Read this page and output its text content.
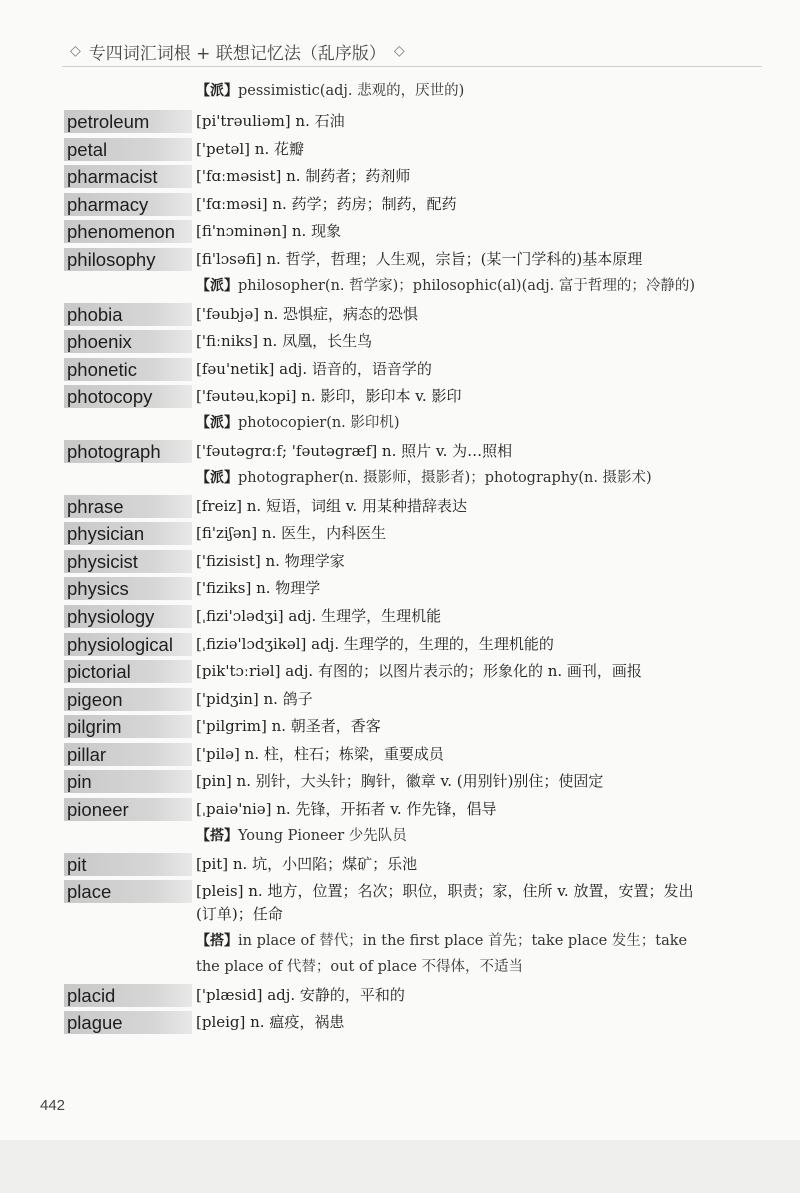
◇ 专四词汇词根 + 联想记忆法（乱序版） ◇
【派】pessimistic(adj. 悲观的，厌世的)
petroleum	[pi'trəuliəm] n. 石油
petal	['petəl] n. 花瓣
pharmacist	['fɑːməsist] n. 制药者；药剂师
pharmacy	['fɑːməsi] n. 药学；药房；制药，配药
phenomenon	[fi'nɔminən] n. 现象
philosophy	[fi'lɔsəfi] n. 哲学，哲理；人生观，宗旨；(某一门学科的)基本原理
【派】philosopher(n. 哲学家)；philosophic(al)(adj. 富于哲理的；冷静的)
phobia	['fəubjə] n. 恐惧症，病态的恐惧
phoenix	['fiːniks] n. 凤凰，长生鸟
phonetic	[fəu'netik] adj. 语音的，语音学的
photocopy	['fəutəuˌkɔpi] n. 影印，影印本 v. 影印
【派】photocopier(n. 影印机)
photograph	['fəutəgrɑːf; 'fəutəgræf] n. 照片 v. 为…照相
【派】photographer(n. 摄影师，摄影者)；photography(n. 摄影术)
phrase	[freiz] n. 短语，词组 v. 用某种措辞表达
physician	[fi'ziʃən] n. 医生，内科医生
physicist	['fizisist] n. 物理学家
physics	['fiziks] n. 物理学
physiology	[ˌfizi'ɔlədʒi] adj. 生理学，生理机能
physiological	[ˌfiziə'lɔdʒikəl] adj. 生理学的，生理的，生理机能的
pictorial	[pik'tɔːriəl] adj. 有图的；以图片表示的；形象化的 n. 画刊，画报
pigeon	['pidʒin] n. 鸽子
pilgrim	['pilgrim] n. 朝圣者，香客
pillar	['pilə] n. 柱，柱石；栋梁，重要成员
pin	[pin] n. 别针，大头针；胸针，徽章 v. (用别针)别住；使固定
pioneer	[ˌpaiə'niə] n. 先锋，开拓者 v. 作先锋，倡导
【搭】Young Pioneer 少先队员
pit	[pit] n. 坑，小凹陷；煤矿；乐池
place	[pleis] n. 地方，位置；名次；职位，职责；家，住所 v. 放置，安置；发出(订单)；任命
【搭】in place of 替代；in the first place 首先；take place 发生；take the place of 代替；out of place 不得体，不适当
placid	['plæsid] adj. 安静的，平和的
plague	[pleig] n. 瘟疫，祸患
442
